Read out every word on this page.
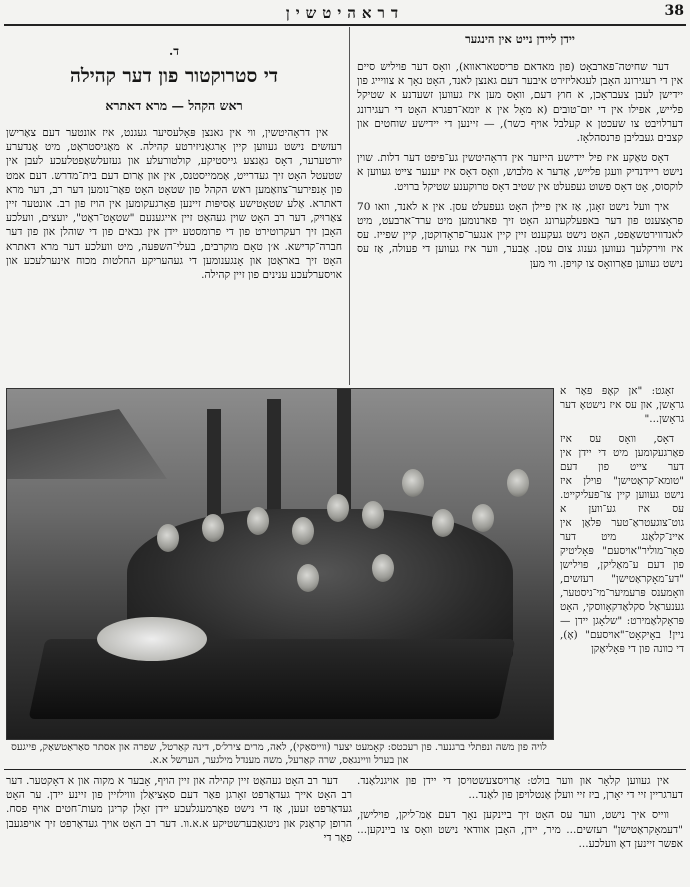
דראהיטשין	38
יידן ליידן נייט אין הינגער

דער שחיטה־פארבאָט (פון מאדאם פריסטאראווא), וואָס דער פויליש סיים אין די רעגירונג האָבן לעגאליזירט איבער דעם גאנצן לאנד, האָט נאָך א צוויייג פון יידישן לעבן צעבראָכן, א חוץ דעם, וואָס מען איז געווען זשעדנע א שטיקל פלייש, אפילו אין די יום־טובים (א מאָל אין א יומא־דפגרא האָט די רעגירונג דערלויבט צו שעכטן א קעלבל אויף כשר), — זיינען די יידישע שוחטים און קצבים געבליבן פרנסהלאָז.

דאָס טאַקע איז פיל יידישע הייזער אין דראָהיטשין גע־פיפט דער דלות. שוין נישט ריידנדיק וועגן פלייש, אַדער א מלבוש, וואָס דאָס איז יענער צייט געווען א לוקסוס, אָט דאָס פשוט געפעלט אין שטיב דאָס טרוקענע שטיקל ברויט.

איך וועל נישט זאָגן, אַז אין פיילן האָט געפעלט עסן. אין א לאנד, וואו 70 פראָצענט פון דער באפעלקערונג האָט זיך פארנומען מיט ערד־ארבעט, מיט לאנדווירטשאַפט, האָט נישט געקענט זיין קיין אנגער־פראָדוקטן, קיין שפייז. עס איז ווירקלעך געווען גענוג צום עסן. אַבער, ווער איז געווען די פעולה, אַז עס נישט געווען פאַרוואָס צו קויפן. ווי מען

ד.
די סטרוקטור פון דער קהילה
ראש הקהל — מרא דאתרא

אין דראָהיטשין, ווי אין גאנצן פּאָלעסיער געגנט, איז אונטער דעם צאַרישן רעזשים נישט געווען קיין אָרגאַניזירטע קהילה. א מאַגיסטראַט, מיט אַנדערע יורטערער, דאָס גאַנצע גייסטיקע, קולטורעלע און געזעלשאַפטלעכע לעבן אין שטעטל האָט זיך געדרייט, אַממייסטנס, אין און אַרום דעם בית־מדרש. דעם אמט פון אָנפירער־צוזאַמען ראש הקהל פון שטאָט האָט פאַר־נומען דער רב, דער מרא דאתרא. אַלע שטאָטישע אַסיפּות זיינען פאָרגעקומען אין הויז פון רב. אונטער זיין צאַרוּיק, דער רב האָט שוין געהאַט זיין אייגענעם "שטאָט־ראַט", יועצים, וועלכע האָבן זיך רעקרוטירט פון די פרומסטע יידן אין גבאים פון די שוהלן און פון דער חברה־קדישא. א׳ן טאָם מוקרבים, בעלי־השפּעה, מיט וועלכע דער מרא דאתרא האָט זיך באראַטן און אָנגענומען די געהעריקע החלטות מכוח אינערלעכע און אויסערלעכע ענינים פון זיין קהילה.

זאָגט: "אן קאָפּ פאַר א גראָשן, און עס איז נישטאָ דער גראָשן..."

דאָס, וואָס עס איז פאַרגעקומען מיט די יידן אין דער צייט פון דעם "טומא־קראַטישן" פוילן איז נישט געווען קיין צו־פעליקייט. עס איז גע־ווען א גוט־צוגעטראַ־טער פּלאַן אין איינ־קלאַנג מיט דער פאָר־מוליר"אויסעם" פּאָליטיק פון דעם ע־מאַליקן, פוילישן "דע־מאָקראַטישן" רעזשים, וואָמענס פּרעמיער־מי־ניסטער, גענעראַל סקלאַדקאָווסקי, האָט פּראָקלאַמירט: "שלאָגן יידן — ניין! באָיקאָט־"אויסעם" (אָ), די כוונה פון די פּאָליאַקן

לויה פון משה ונפתלי ברגנער. פון רעכטס: קאָמעט יצער (ווייסאַקי), לאה, מרים צירל׳ס, דינה קאַרטל, שפרה און אסתר סאַראַטשאַק, פייגעס און בערל וויינגאַס, שרה קאַרעל, משה מענדל מילגער, הערשל א.א.

אין געווען קלאָר און ווער בולט: אַרויסצעשטויסן די יידן פון אויגנלאַנד. דערגריין זיי די יאָרן, ביז זיי וועלן אַנטלויפן פון לאַנד...

ווייס איך נישט, ווער עס האָט זיך ביינקען נאָך דעם אַמ־ליקן, פוילישן, "דעמאָקראַטישן" רעזשים... מיר, יידן, האָבן אוודאי נישט וואָס צו ביינקען... אפשר זיינען דאָ וועלכע...

דער רב האָט געהאַט זיין קהילה און זיין הויף, אָבער א מקוה און א דאָקטער. דער רב האָט אייך געדאַרפט זאָרגן פאַר דעם סאָציאַלן וווילזיין פון זיינע יידן. ער האָט געדאַרפט זעען, אַז די נישט פאַרמעגלעכע יידן זאָלן קריגן מעות־חטים אויף פסח. הרופן קראַנק און ניטגאַבערשטיקע א.א.וו. דער רב האָט אויך געדאַרפט זיך אויפגעבן פאַר די
